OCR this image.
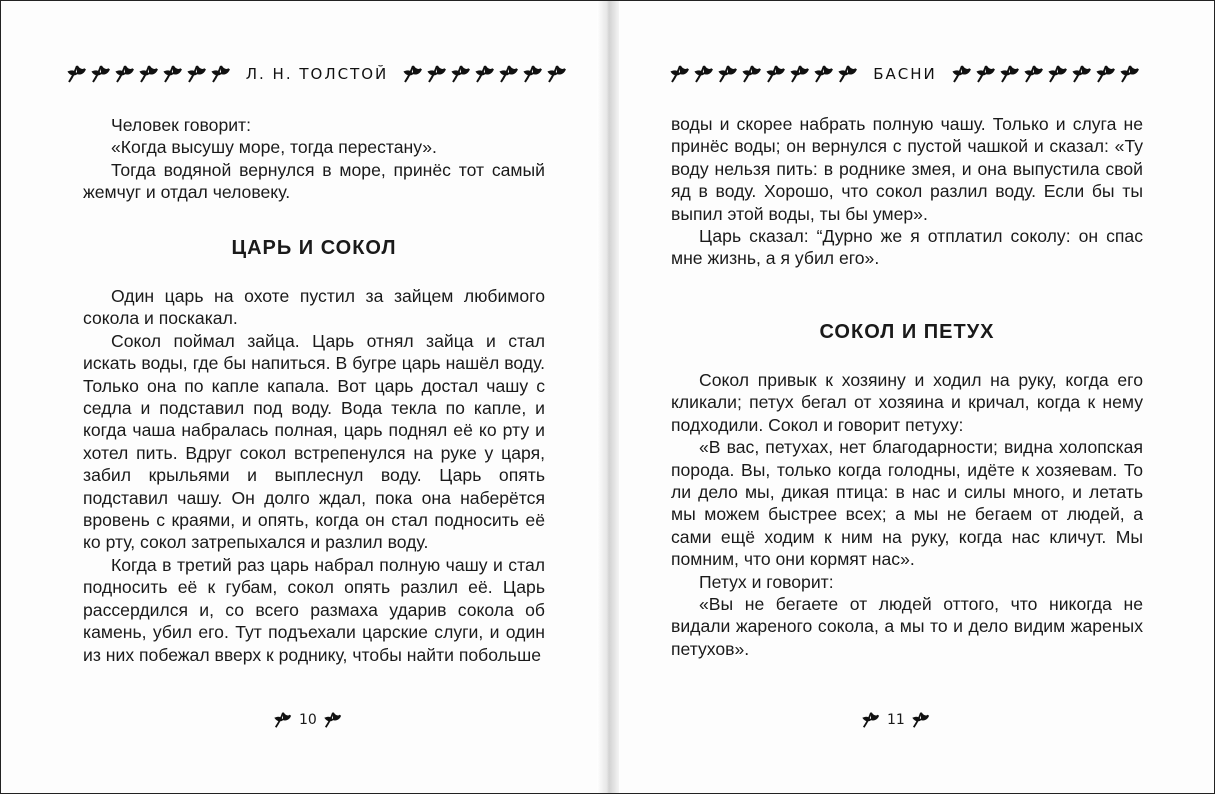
Л. Н. ТОЛСТОЙ

Человек говорит:

«Когда высушу море, тогда перестану».

Тогда водяной вернулся в море, принёс тот самый жемчуг и отдал человеку.

ЦАРЬ И СОКОЛ

Один царь на охоте пустил за зайцем любимого сокола и поскакал.

Сокол поймал зайца. Царь отнял зайца и стал искать воды, где бы напиться. В бугре царь нашёл воду. Только она по капле капала. Вот царь достал чашу с седла и подставил под воду. Вода текла по капле, и когда чаша набралась полная, царь поднял её ко рту и хотел пить. Вдруг сокол встрепенулся на руке у царя, забил крыльями и выплеснул воду. Царь опять подставил чашу. Он долго ждал, пока она наберётся вровень с краями, и опять, когда он стал подносить её ко рту, сокол затрепыхался и разлил воду.

Когда в третий раз царь набрал полную чашу и стал подносить её к губам, сокол опять разлил её. Царь рассердился и, со всего размаха ударив сокола об камень, убил его. Тут подъехали царские слуги, и один из них побежал вверх к роднику, чтобы найти побольше

10
БАСНИ

воды и скорее набрать полную чашу. Только и слуга не принёс воды; он вернулся с пустой чашкой и сказал: «Ту воду нельзя пить: в роднике змея, и она выпустила свой яд в воду. Хорошо, что сокол разлил воду. Если бы ты выпил этой воды, ты бы умер».

Царь сказал: “Дурно же я отплатил соколу: он спас мне жизнь, а я убил его».

СОКОЛ И ПЕТУХ

Сокол привык к хозяину и ходил на руку, когда его кликали; петух бегал от хозяина и кричал, когда к нему подходили. Сокол и говорит петуху:

«В вас, петухах, нет благодарности; видна холопская порода. Вы, только когда голодны, идёте к хозяевам. То ли дело мы, дикая птица: в нас и силы много, и летать мы можем быстрее всех; а мы не бегаем от людей, а сами ещё ходим к ним на руку, когда нас кличут. Мы помним, что они кормят нас».

Петух и говорит:

«Вы не бегаете от людей оттого, что никогда не видали жареного сокола, а мы то и дело видим жареных петухов».

11
